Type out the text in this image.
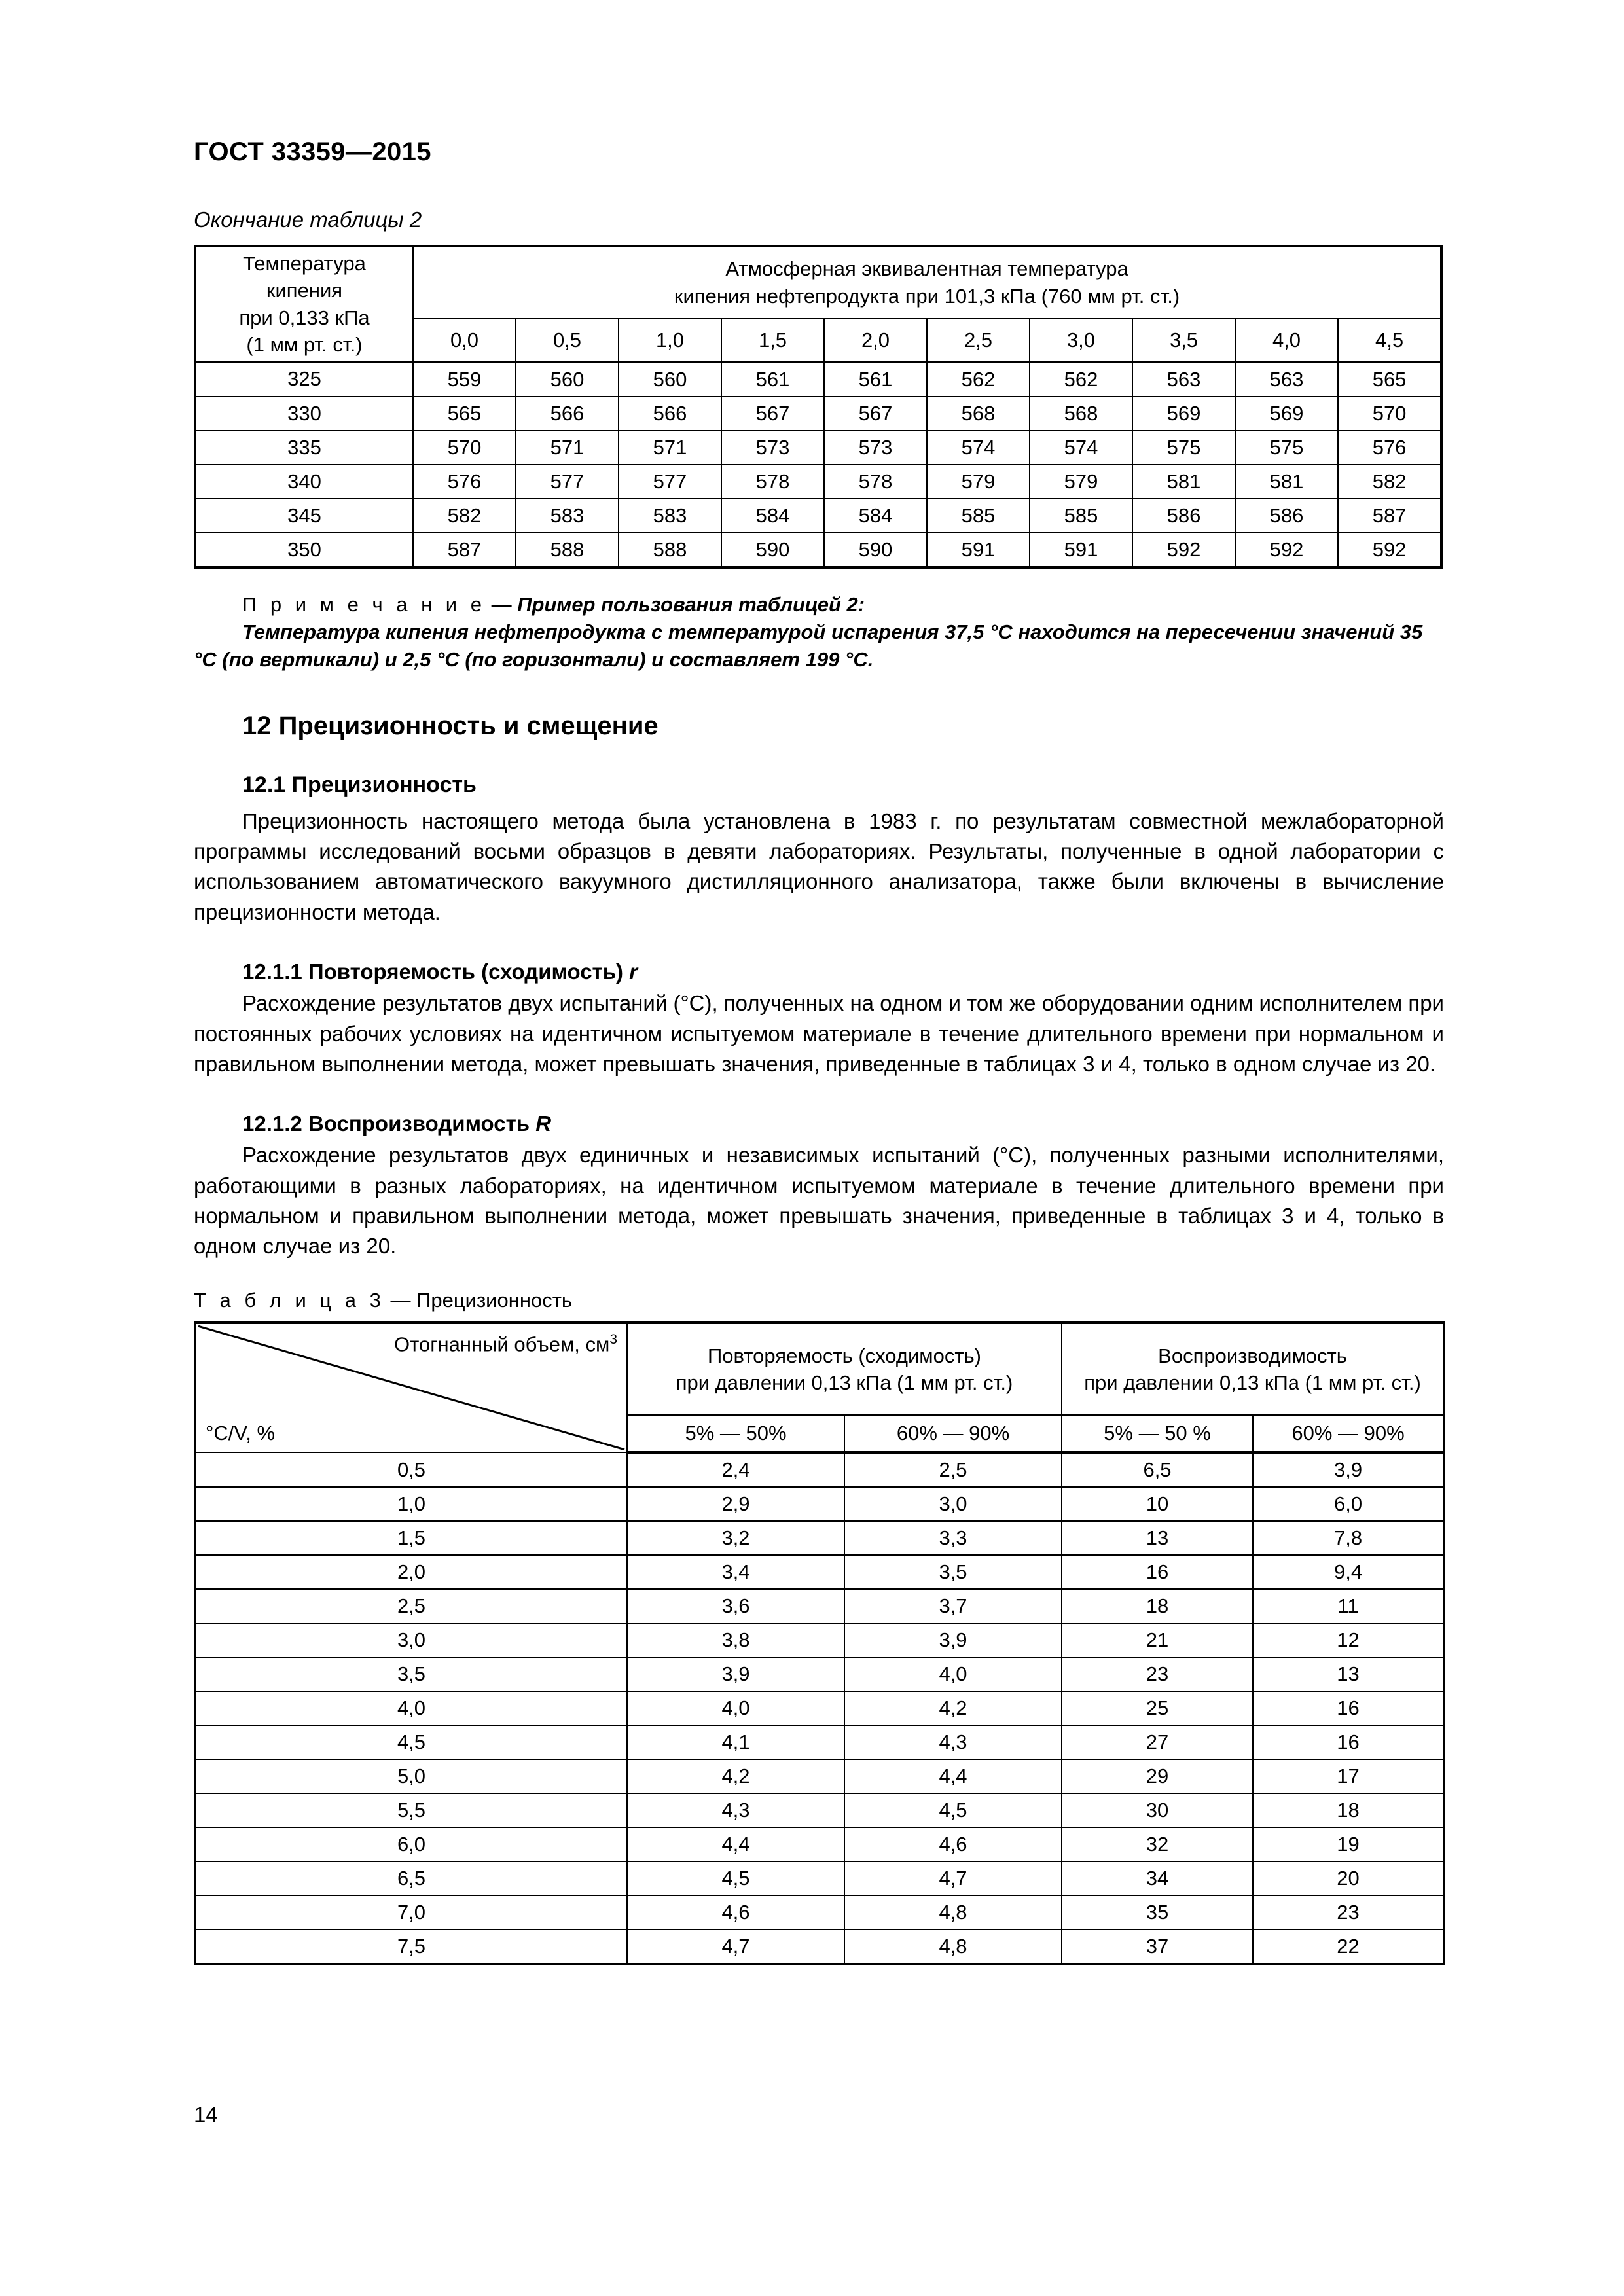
ГОСТ 33359—2015
Окончание таблицы 2
Температура кипения
при 0,133 кПа
(1 мм рт. ст.)

Атмосферная эквивалентная температура
кипения нефтепродукта при 101,3 кПа (760 мм рт. ст.)

	0,0	0,5	1,0	1,5	2,0	2,5	3,0	3,5	4,0	4,5
325	559	560	560	561	561	562	562	563	563	565
330	565	566	566	567	567	568	568	569	569	570
335	570	571	571	573	573	574	574	575	575	576
340	576	577	577	578	578	579	579	581	581	582
345	582	583	583	584	584	585	585	586	586	587
350	587	588	588	590	590	591	591	592	592	592

П р и м е ч а н и е — Пример пользования таблицей 2:

Температура кипения нефтепродукта с температурой испарения 37,5 °С находится на пересечении значений 35 °С (по вертикали) и 2,5 °С (по горизонтали) и составляет 199 °С.

12 Прецизионность и смещение
12.1 Прецизионность

Прецизионность настоящего метода была установлена в 1983 г. по результатам совместной межлабораторной программы исследований восьми образцов в девяти лабораториях. Результаты, полученные в одной лаборатории с использованием автоматического вакуумного дистилляционного анализатора, также были включены в вычисление прецизионности метода.

12.1.1 Повторяемость (сходимость) r

Расхождение результатов двух испытаний (°С), полученных на одном и том же оборудовании одним исполнителем при постоянных рабочих условиях на идентичном испытуемом материале в течение длительного времени при нормальном и правильном выполнении метода, может превышать значения, приведенные в таблицах 3 и 4, только в одном случае из 20.

12.1.2 Воспроизводимость R

Расхождение результатов двух единичных и независимых испытаний (°С), полученных разными исполнителями, работающими в разных лабораториях, на идентичном испытуемом материале в течение длительного времени при нормальном и правильном выполнении метода, может превышать значения, приведенные в таблицах 3 и 4, только в одном случае из 20.

Т а б л и ц а 3 — Прецизионность
Отогнанный объем, $см^3$
°C/V, %

Повторяемость (сходимость)
при давлении 0,13 кПа (1 мм рт. ст.)

Воспроизводимость
при давлении 0,13 кПа (1 мм рт. ст.)

	5% — 50%	60% — 90%	5% — 50 %	60% — 90%
0,5	2,4	2,5	6,5	3,9
1,0	2,9	3,0	10	6,0
1,5	3,2	3,3	13	7,8
2,0	3,4	3,5	16	9,4
2,5	3,6	3,7	18	11
3,0	3,8	3,9	21	12
3,5	3,9	4,0	23	13
4,0	4,0	4,2	25	16
4,5	4,1	4,3	27	16
5,0	4,2	4,4	29	17
5,5	4,3	4,5	30	18
6,0	4,4	4,6	32	19
6,5	4,5	4,7	34	20
7,0	4,6	4,8	35	23
7,5	4,7	4,8	37	22
14
